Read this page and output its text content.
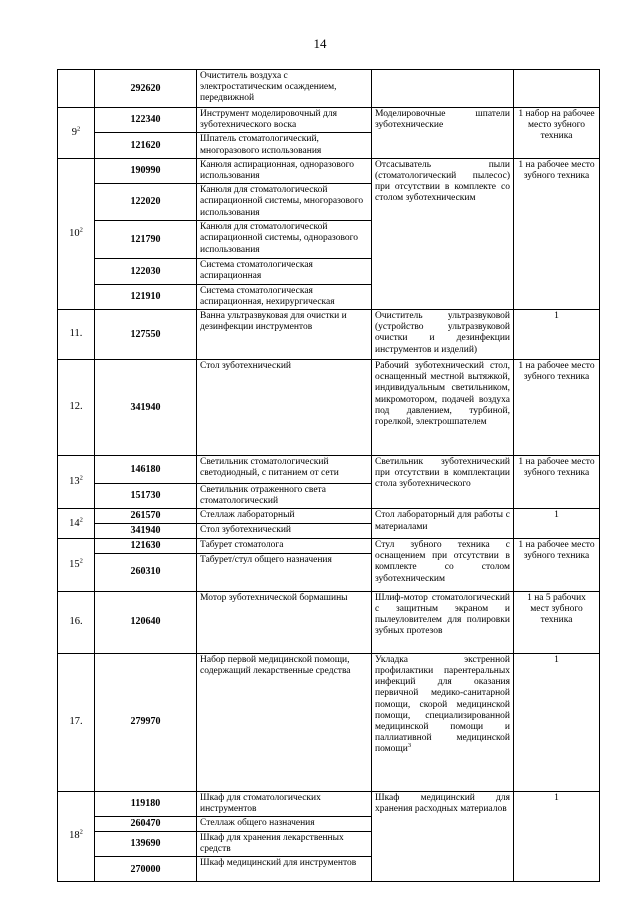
14
	292620	Очиститель воздуха с электростатическим осаждением, передвижной		
$9^2$	122340	Инструмент моделировочный для зуботехнического воска	Моделировочные шпатели зуботехнические	1 набор на рабочее место зубного техника
	121620	Шпатель стоматологический, многоразового использования		
$10^2$	190990	Канюля аспирационная, одноразового использования	Отсасыватель пыли (стоматологический пылесос) при отсутствии в комплекте со столом зуботехническим	1 на рабочее место зубного техника
	122020	Канюля для стоматологической аспирационной системы, многоразового использования		
	121790	Канюля для стоматологической аспирационной системы, одноразового использования		
	122030	Система стоматологическая аспирационная		
	121910	Система стоматологическая аспирационная, нехирургическая		
11.	127550	Ванна ультразвуковая для очистки и дезинфекции инструментов	Очиститель ультразвуковой (устройство ультразвуковой очистки и дезинфекции инструментов и изделий)	1
12.	341940	Стол зуботехнический	Рабочий зуботехнический стол, оснащенный местной вытяжкой, индивидуальным светильником, микромотором, подачей воздуха под давлением, турбиной, горелкой, электрошпателем	1 на рабочее место зубного техника
$13^2$	146180	Светильник стоматологический светодиодный, с питанием от сети	Светильник зуботехнический при отсутствии в комплектации стола зуботехнического	1 на рабочее место зубного техника
	151730	Светильник отраженного света стоматологический		
$14^2$	261570	Стеллаж лабораторный	Стол лабораторный для работы с материалами	1
	341940	Стол зуботехнический		
$15^2$	121630	Табурет стоматолога	Стул зубного техника с оснащением при отсутствии в комплекте со столом зуботехническим	1 на рабочее место зубного техника
	260310	Табурет/стул общего назначения		
16.	120640	Мотор зуботехнической бормашины	Шлиф-мотор стоматологический с защитным экраном и пылеуловителем для полировки зубных протезов	1 на 5 рабочих мест зубного техника
17.	279970	Набор первой медицинской помощи, содержащий лекарственные средства	Укладка экстренной профилактики парентеральных инфекций для оказания первичной медико-санитарной помощи, скорой медицинской помощи, специализированной медицинской помощи и паллиативной медицинской помощи$^3$	1
$18^2$	119180	Шкаф для стоматологических инструментов	Шкаф медицинский для хранения расходных материалов	1
	260470	Стеллаж общего назначения		
	139690	Шкаф для хранения лекарственных средств		
	270000	Шкаф медицинский для инструментов		
